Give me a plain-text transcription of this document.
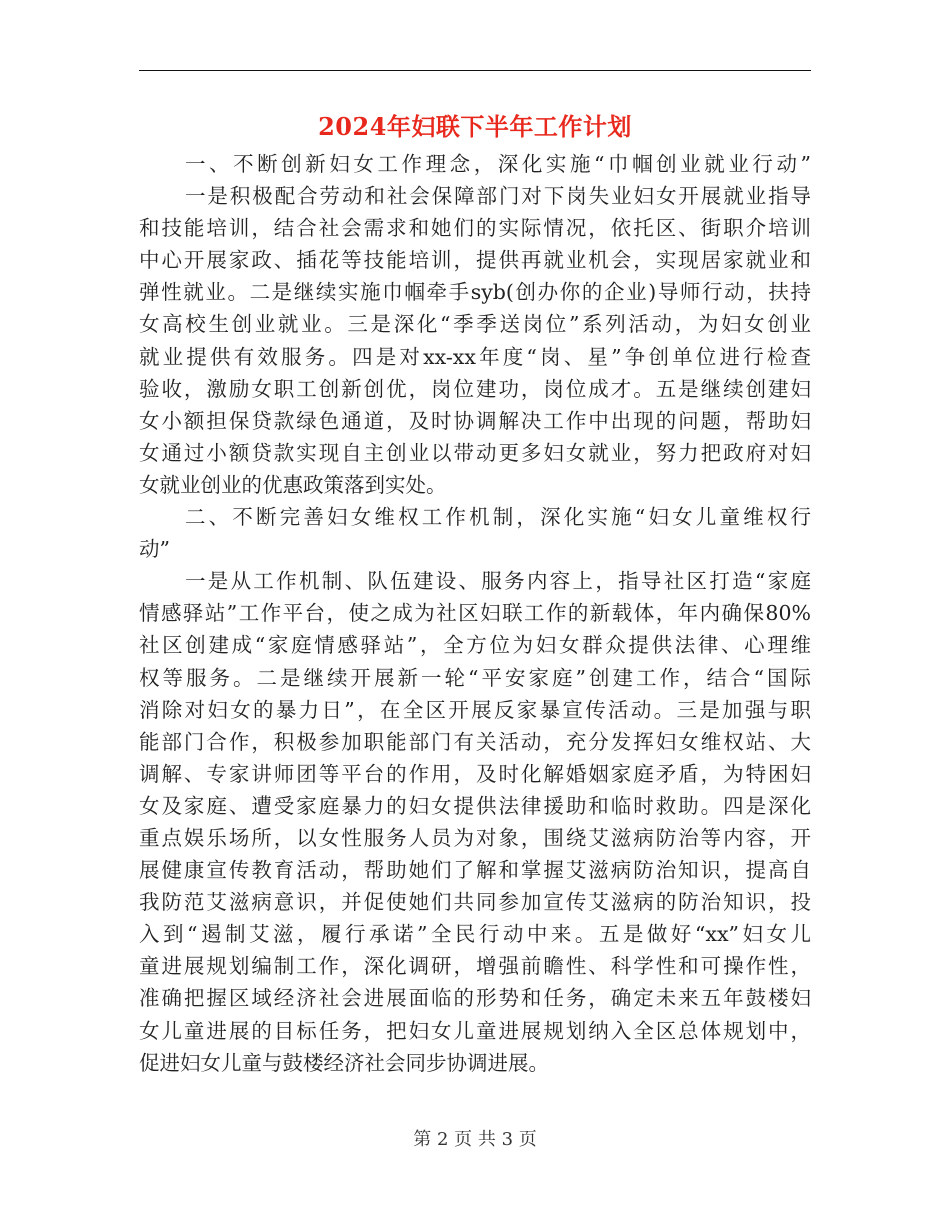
2024年妇联下半年工作计划
一、不断创新妇女工作理念，深化实施“巾帼创业就业行动”
一是积极配合劳动和社会保障部门对下岗失业妇女开展就业指导
和技能培训，结合社会需求和她们的实际情况，依托区、街职介培训
中心开展家政、插花等技能培训，提供再就业机会，实现居家就业和
弹性就业。二是继续实施巾帼牵手syb(创办你的企业)导师行动，扶持
女高校生创业就业。三是深化“季季送岗位”系列活动，为妇女创业
就业提供有效服务。四是对xx-xx年度“岗、星”争创单位进行检查
验收，激励女职工创新创优，岗位建功，岗位成才。五是继续创建妇
女小额担保贷款绿色通道，及时协调解决工作中出现的问题，帮助妇
女通过小额贷款实现自主创业以带动更多妇女就业，努力把政府对妇
女就业创业的优惠政策落到实处。
二、不断完善妇女维权工作机制，深化实施“妇女儿童维权行
动”
一是从工作机制、队伍建设、服务内容上，指导社区打造“家庭
情感驿站”工作平台，使之成为社区妇联工作的新载体，年内确保80%
社区创建成“家庭情感驿站”，全方位为妇女群众提供法律、心理维
权等服务。二是继续开展新一轮“平安家庭”创建工作，结合“国际
消除对妇女的暴力日”，在全区开展反家暴宣传活动。三是加强与职
能部门合作，积极参加职能部门有关活动，充分发挥妇女维权站、大
调解、专家讲师团等平台的作用，及时化解婚姻家庭矛盾，为特困妇
女及家庭、遭受家庭暴力的妇女提供法律援助和临时救助。四是深化
重点娱乐场所，以女性服务人员为对象，围绕艾滋病防治等内容，开
展健康宣传教育活动，帮助她们了解和掌握艾滋病防治知识，提高自
我防范艾滋病意识，并促使她们共同参加宣传艾滋病的防治知识，投
入到“遏制艾滋，履行承诺”全民行动中来。五是做好“xx”妇女儿
童进展规划编制工作，深化调研，增强前瞻性、科学性和可操作性，
准确把握区域经济社会进展面临的形势和任务，确定未来五年鼓楼妇
女儿童进展的目标任务，把妇女儿童进展规划纳入全区总体规划中，
促进妇女儿童与鼓楼经济社会同步协调进展。
第 2 页 共 3 页
